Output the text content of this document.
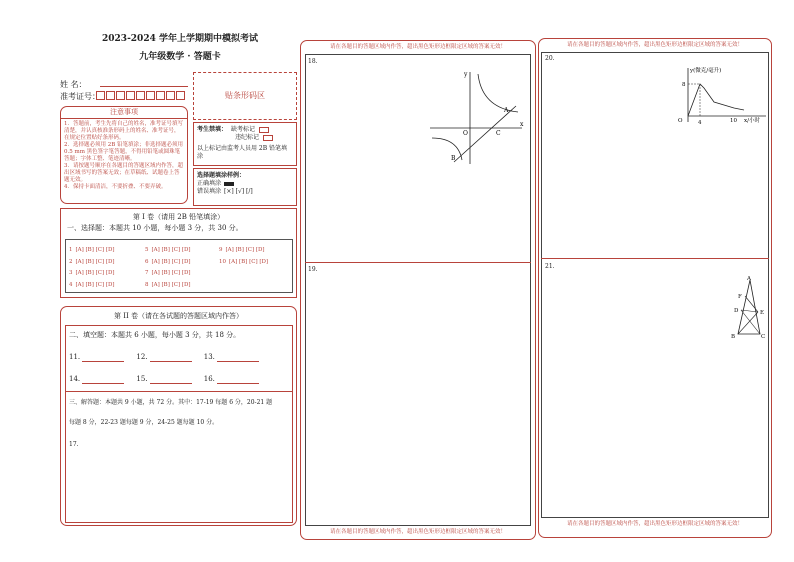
2023-2024 学年上学期期中模拟考试
九年级数学 · 答题卡
姓 名：
准考证号：
注意事项
1．答题前，考生先将自己的姓名，准考证号填写清楚，并认真核准条形码上的姓名、准考证号，在规定位置贴好条形码。
2．选择题必须用 2B 铅笔填涂；非选择题必须用 0.5 mm 黑色签字笔答题，不得用铅笔或圆珠笔答题；字体工整、笔迹清晰。
3．请按题号顺序在各题目的答题区域内作答，超出区域书写的答案无效；在草稿纸、试题卷上答题无效。
4．保持卡面清洁，不要折叠、不要弄破。
贴条形码区
考生禁填： 缺考标记
违纪标记
以上标记由监考人员用 2B 铅笔填涂
选择题填涂样例：
正确填涂
错误填涂 [×] [√] [/]
第 I 卷（请用 2B 铅笔填涂）
一、选择题：本题共 10 小题，每小题 3 分，共 30 分。
1 [A] [B] [C] [D]
2 [A] [B] [C] [D]
3 [A] [B] [C] [D]
4 [A] [B] [C] [D]
5 [A] [B] [C] [D]
6 [A] [B] [C] [D]
7 [A] [B] [C] [D]
8 [A] [B] [C] [D]
9 [A] [B] [C] [D]
10 [A] [B] [C] [D]
第 II 卷（请在各试题的答题区域内作答）
二、填空题：本题共 6 小题，每小题 3 分，共 18 分。
11.	12.	13.
14.	15.	16.
三、解答题：本题共 9 小题，共 72 分。其中：17-19 每题 6 分，20-21 题
每题 8 分，22-23 题每题 9 分，24-25 题每题 10 分。
17.
请在各题目的答题区域内作答，超出黑色矩形边框限定区域的答案无效！
18.
19.
请在各题目的答题区域内作答，超出黑色矩形边框限定区域的答案无效！
y
x
O
A
B
C
请在各题目的答题区域内作答，超出黑色矩形边框限定区域的答案无效！
20.
21.
请在各题目的答题区域内作答，超出黑色矩形边框限定区域的答案无效！
y(微克/毫升)
8
O	4	10 x/小时
A
B	C
D	E
F
